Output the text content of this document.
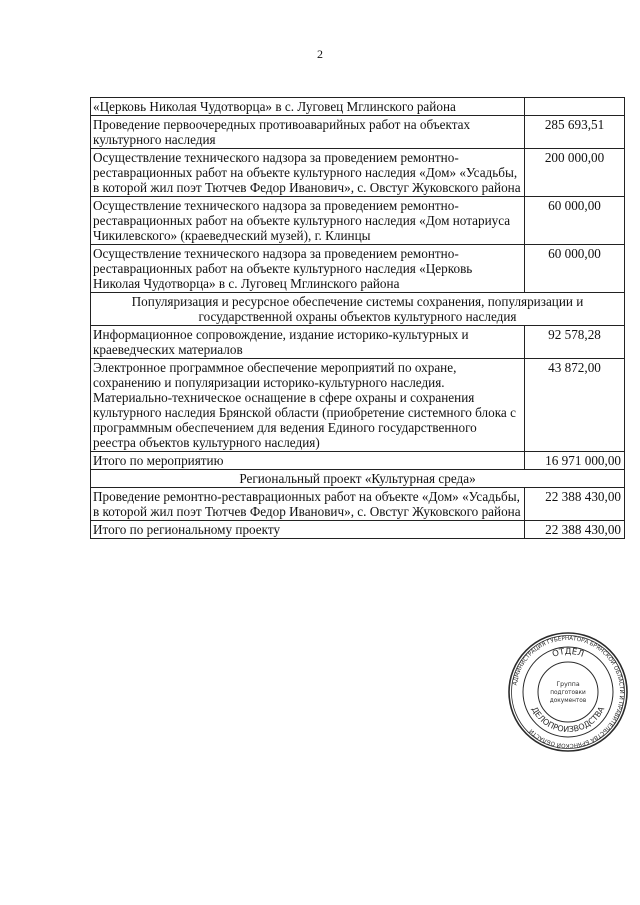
2
«Церковь Николая Чудотворца» в с. Луговец Мглинского района	
Проведение первоочередных противоаварийных работ на объектах культурного наследия	285 693,51
Осуществление технического надзора за проведением ремонтно-реставрационных работ на объекте культурного наследия «Дом» «Усадьбы, в которой жил поэт Тютчев Федор Иванович», с. Овстуг Жуковского района	200 000,00
Осуществление технического надзора за проведением ремонтно-реставрационных работ на объекте культурного наследия «Дом нотариуса Чикилевского» (краеведческий музей), г. Клинцы	60 000,00
Осуществление технического надзора за проведением ремонтно-реставрационных работ на объекте культурного наследия «Церковь Николая Чудотворца» в с. Луговец Мглинского района	60 000,00
Популяризация и ресурсное обеспечение системы сохранения, популяризации и государственной охраны объектов культурного наследия	
Информационное сопровождение, издание историко-культурных и краеведческих материалов	92 578,28
Электронное программное обеспечение мероприятий по охране, сохранению и популяризации историко-культурного наследия. Материально-техническое оснащение в сфере охраны и сохранения культурного наследия Брянской области (приобретение системного блока с программным обеспечением для ведения Единого государственного реестра объектов культурного наследия)	43 872,00
Итого по мероприятию	16 971 000,00
Региональный проект «Культурная среда»	
Проведение ремонтно-реставрационных работ на объекте «Дом» «Усадьбы, в которой жил поэт Тютчев Федор Иванович», с. Овстуг Жуковского района	22 388 430,00
Итого по региональному проекту	22 388 430,00
АДМИНИСТРАЦИЯ ГУБЕРНАТОРА БРЯНСКОЙ ОБЛАСТИ И ПРАВИТЕЛЬСТВА БРЯНСКОЙ ОБЛАСТИ
ОТДЕЛ
ДЕЛОПРОИЗВОДСТВА
Группа
подготовки
документов
